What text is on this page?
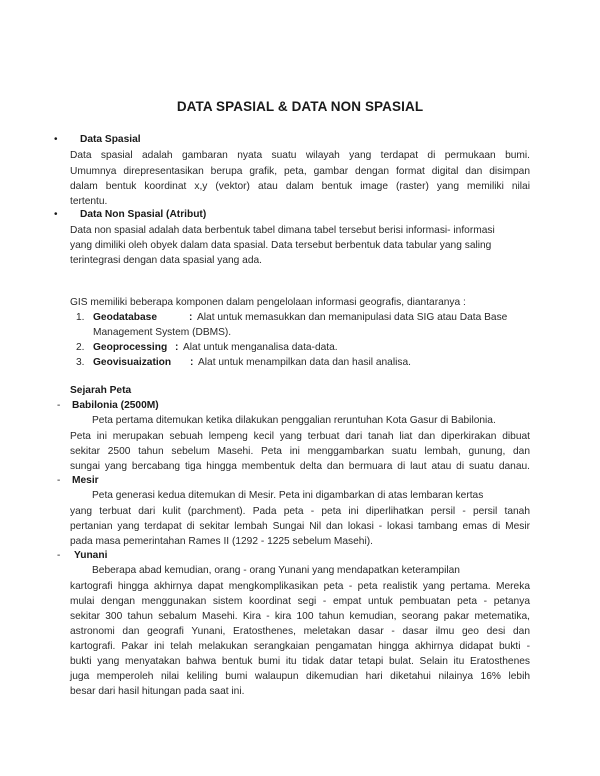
DATA SPASIAL & DATA NON SPASIAL
• Data Spasial
Data spasial adalah gambaran nyata suatu wilayah yang terdapat di permukaan bumi.
Umumnya direpresentasikan berupa grafik, peta, gambar dengan format digital dan disimpan
dalam bentuk koordinat x,y (vektor) atau dalam bentuk image (raster) yang memiliki nilai
tertentu.
• Data Non Spasial (Atribut)
Data non spasial adalah data berbentuk tabel dimana tabel tersebut berisi informasi- informasi
yang dimiliki oleh obyek dalam data spasial. Data tersebut berbentuk data tabular yang saling
terintegrasi dengan data spasial yang ada.
GIS memiliki beberapa komponen dalam pengelolaan informasi geografis, diantaranya :
1. Geodatabase	: Alat untuk memasukkan dan memanipulasi data SIG atau Data Base
Management System (DBMS).
2. Geoprocessing : Alat untuk menganalisa data-data.
3. Geovisuaization : Alat untuk menampilkan data dan hasil analisa.
Sejarah Peta
- Babilonia (2500M)
Peta pertama ditemukan ketika dilakukan penggalian reruntuhan Kota Gasur di Babilonia.
Peta ini merupakan sebuah lempeng kecil yang terbuat dari tanah liat dan diperkirakan dibuat
sekitar 2500 tahun sebelum Masehi. Peta ini menggambarkan suatu lembah, gunung, dan
sungai yang bercabang tiga hingga membentuk delta dan bermuara di laut atau di suatu danau.
- Mesir
Peta generasi kedua ditemukan di Mesir. Peta ini digambarkan di atas lembaran kertas
yang terbuat dari kulit (parchment). Pada peta - peta ini diperlihatkan persil - persil tanah
pertanian yang terdapat di sekitar lembah Sungai Nil dan lokasi - lokasi tambang emas di Mesir
pada masa pemerintahan Rames II (1292 - 1225 sebelum Masehi).
- Yunani
Beberapa abad kemudian, orang - orang Yunani yang mendapatkan keterampilan
kartografi hingga akhirnya dapat mengkomplikasikan peta - peta realistik yang pertama. Mereka
mulai dengan menggunakan sistem koordinat segi - empat untuk pembuatan peta - petanya
sekitar 300 tahun sebalum Masehi. Kira - kira 100 tahun kemudian, seorang pakar metematika,
astronomi dan geografi Yunani, Eratosthenes, meletakan dasar - dasar ilmu geo desi dan
kartografi. Pakar ini telah melakukan serangkaian pengamatan hingga akhirnya didapat bukti -
bukti yang menyatakan bahwa bentuk bumi itu tidak datar tetapi bulat. Selain itu Eratosthenes
juga memperoleh nilai keliling bumi walaupun dikemudian hari diketahui nilainya 16% lebih
besar dari hasil hitungan pada saat ini.
